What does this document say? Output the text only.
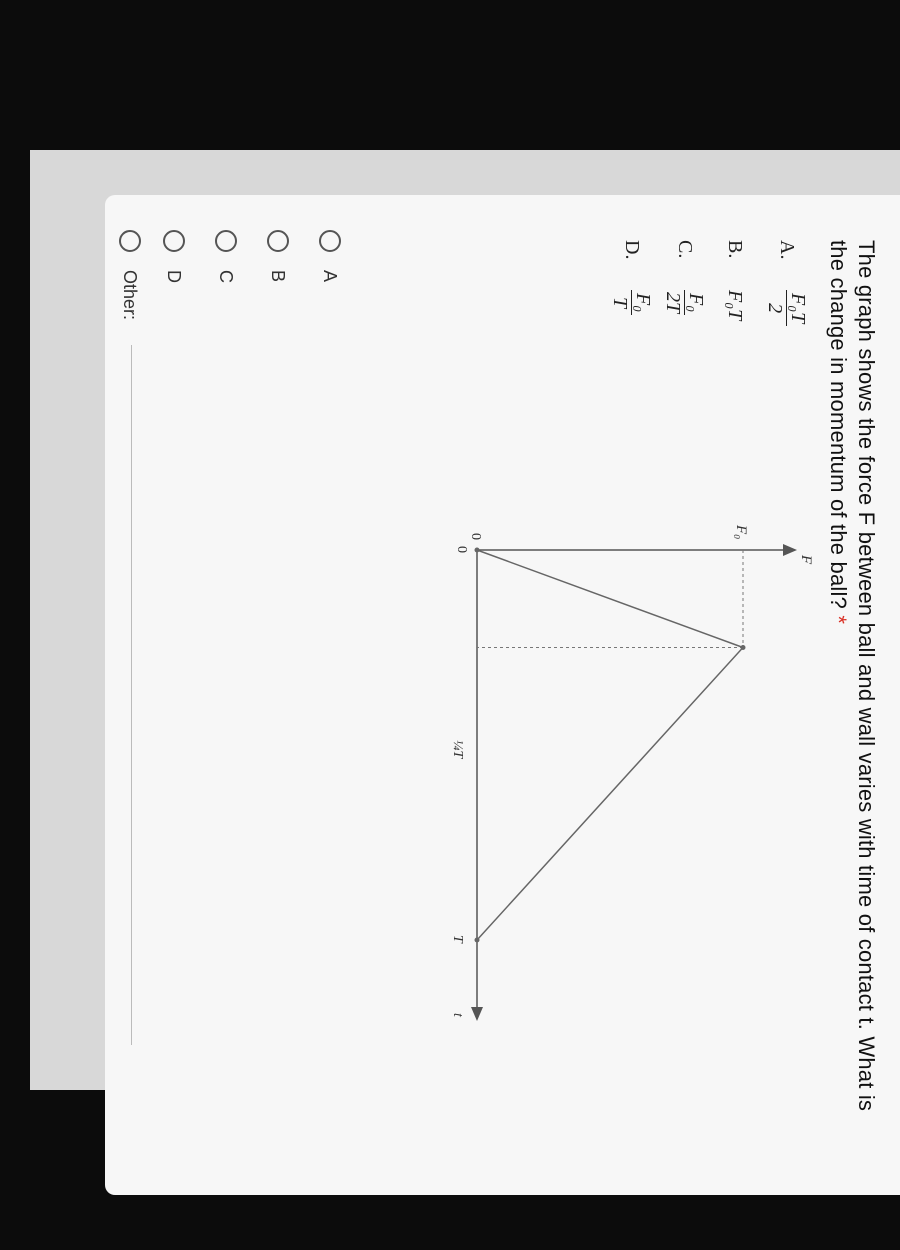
The graph shows the force F between ball and wall varies with time of contact t. What is the change in momentum of the ball? *
A.
F₀T
2
B.
F₀T
C.
F₀
2T
D.
F₀
T
F
F₀
0
0
¼T
T
t
A
B
C
D
Other:
